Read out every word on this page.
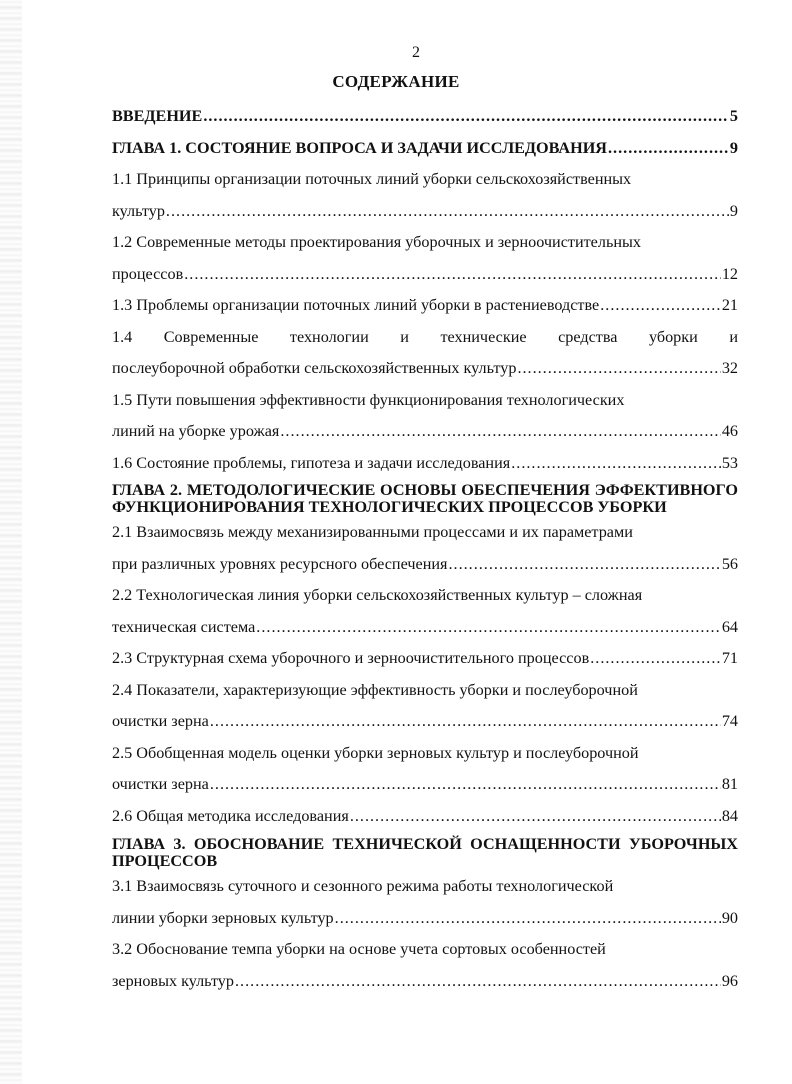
2
СОДЕРЖАНИЕ
ВВЕДЕНИЕ .....	5
ГЛАВА 1. СОСТОЯНИЕ ВОПРОСА И ЗАДАЧИ ИССЛЕДОВАНИЯ .....	9
1.1 Принципы организации поточных линий уборки сельскохозяйственных
культур .....	9
1.2 Современные методы проектирования уборочных и зерноочистительных
процессов .....	12
1.3 Проблемы организации поточных линий уборки в растениеводстве .....	21
1.4 Современные технологии и технические средства уборки и
послеуборочной обработки сельскохозяйственных культур .....	32
1.5 Пути повышения эффективности функционирования технологических
линий на уборке урожая .....	46
1.6 Состояние проблемы, гипотеза и задачи исследования .....	53
ГЛАВА 2. МЕТОДОЛОГИЧЕСКИЕ ОСНОВЫ ОБЕСПЕЧЕНИЯ ЭФФЕКТИВНОГО ФУНКЦИОНИРОВАНИЯ ТЕХНОЛОГИЧЕСКИХ ПРОЦЕССОВ УБОРКИ
2.1 Взаимосвязь между механизированными процессами и их параметрами
при различных уровнях ресурсного обеспечения .....	56
2.2 Технологическая линия уборки сельскохозяйственных культур – сложная
техническая система .....	64
2.3 Структурная схема уборочного и зерноочистительного процессов .....	71
2.4 Показатели, характеризующие эффективность уборки и послеуборочной
очистки зерна .....	74
2.5 Обобщенная модель оценки уборки зерновых культур и послеуборочной
очистки зерна .....	81
2.6 Общая методика исследования .....	84
ГЛАВА 3. ОБОСНОВАНИЕ ТЕХНИЧЕСКОЙ ОСНАЩЕННОСТИ УБОРОЧНЫХ ПРОЦЕССОВ
3.1 Взаимосвязь суточного и сезонного режима работы технологической
линии уборки зерновых культур .....	90
3.2 Обоснование темпа уборки на основе учета сортовых особенностей
зерновых культур .....	96
